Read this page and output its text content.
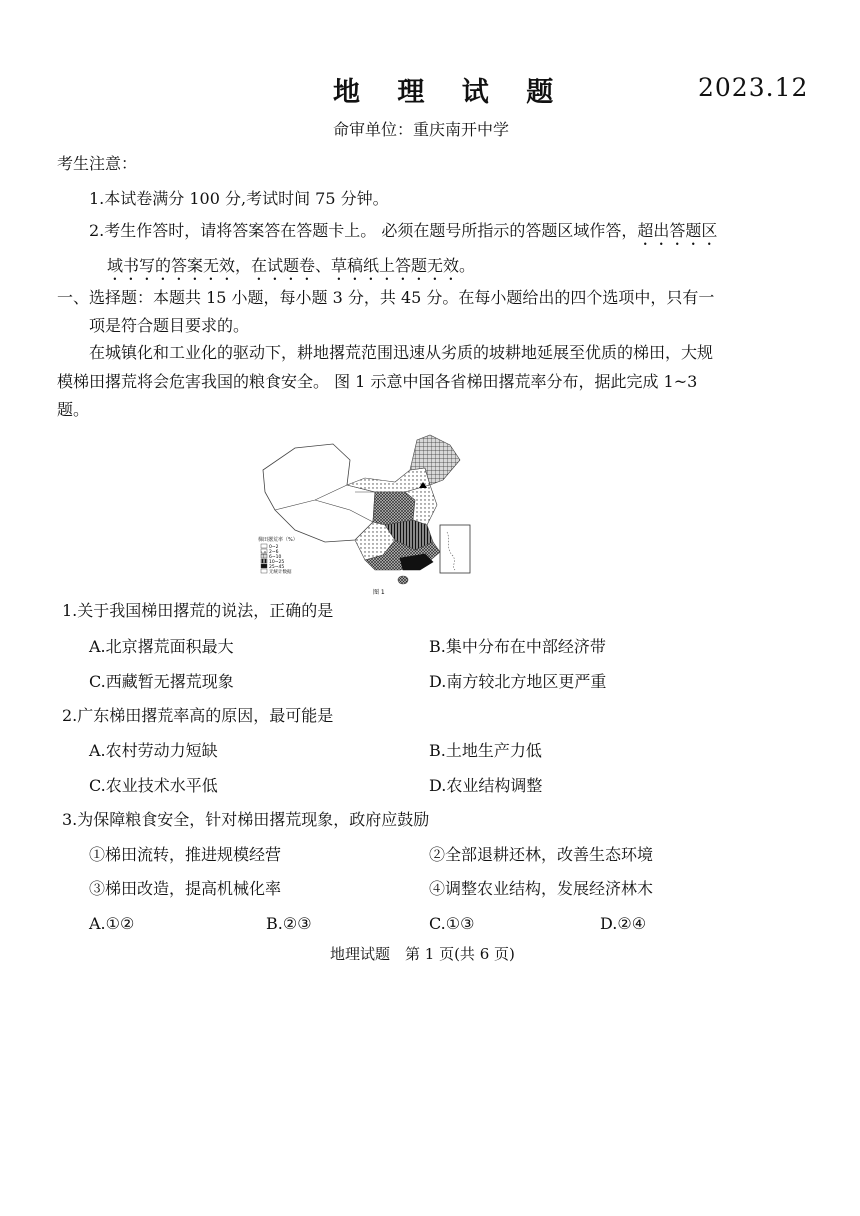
地 理 试 题	2023.12
命审单位：重庆南开中学
考生注意：
1.本试卷满分 100 分,考试时间 75 分钟。
2.考生作答时，请将答案答在答题卡上。 必须在题号所指示的答题区域作答，超出答题区
域书写的答案无效，在试题卷、草稿纸上答题无效。
一、选择题：本题共 15 小题，每小题 3 分，共 45 分。在每小题给出的四个选项中，只有一
项是符合题目要求的。
在城镇化和工业化的驱动下，耕地撂荒范围迅速从劣质的坡耕地延展至优质的梯田，大规
模梯田撂荒将会危害我国的粮食安全。 图 1 示意中国各省梯田撂荒率分布，据此完成 1~3
题。
梯田撂荒率（%）
0~2
2~6
6~10
10~25
25~45
无统计数据
图 1
1.关于我国梯田撂荒的说法，正确的是
A.北京撂荒面积最大	B.集中分布在中部经济带
C.西藏暂无撂荒现象	D.南方较北方地区更严重
2.广东梯田撂荒率高的原因，最可能是
A.农村劳动力短缺	B.土地生产力低
C.农业技术水平低	D.农业结构调整
3.为保障粮食安全，针对梯田撂荒现象，政府应鼓励
①梯田流转，推进规模经营	②全部退耕还林，改善生态环境
③梯田改造，提高机械化率	④调整农业结构，发展经济林木
A.①②	B.②③	C.①③	D.②④
地理试题　第 1 页(共 6 页)
